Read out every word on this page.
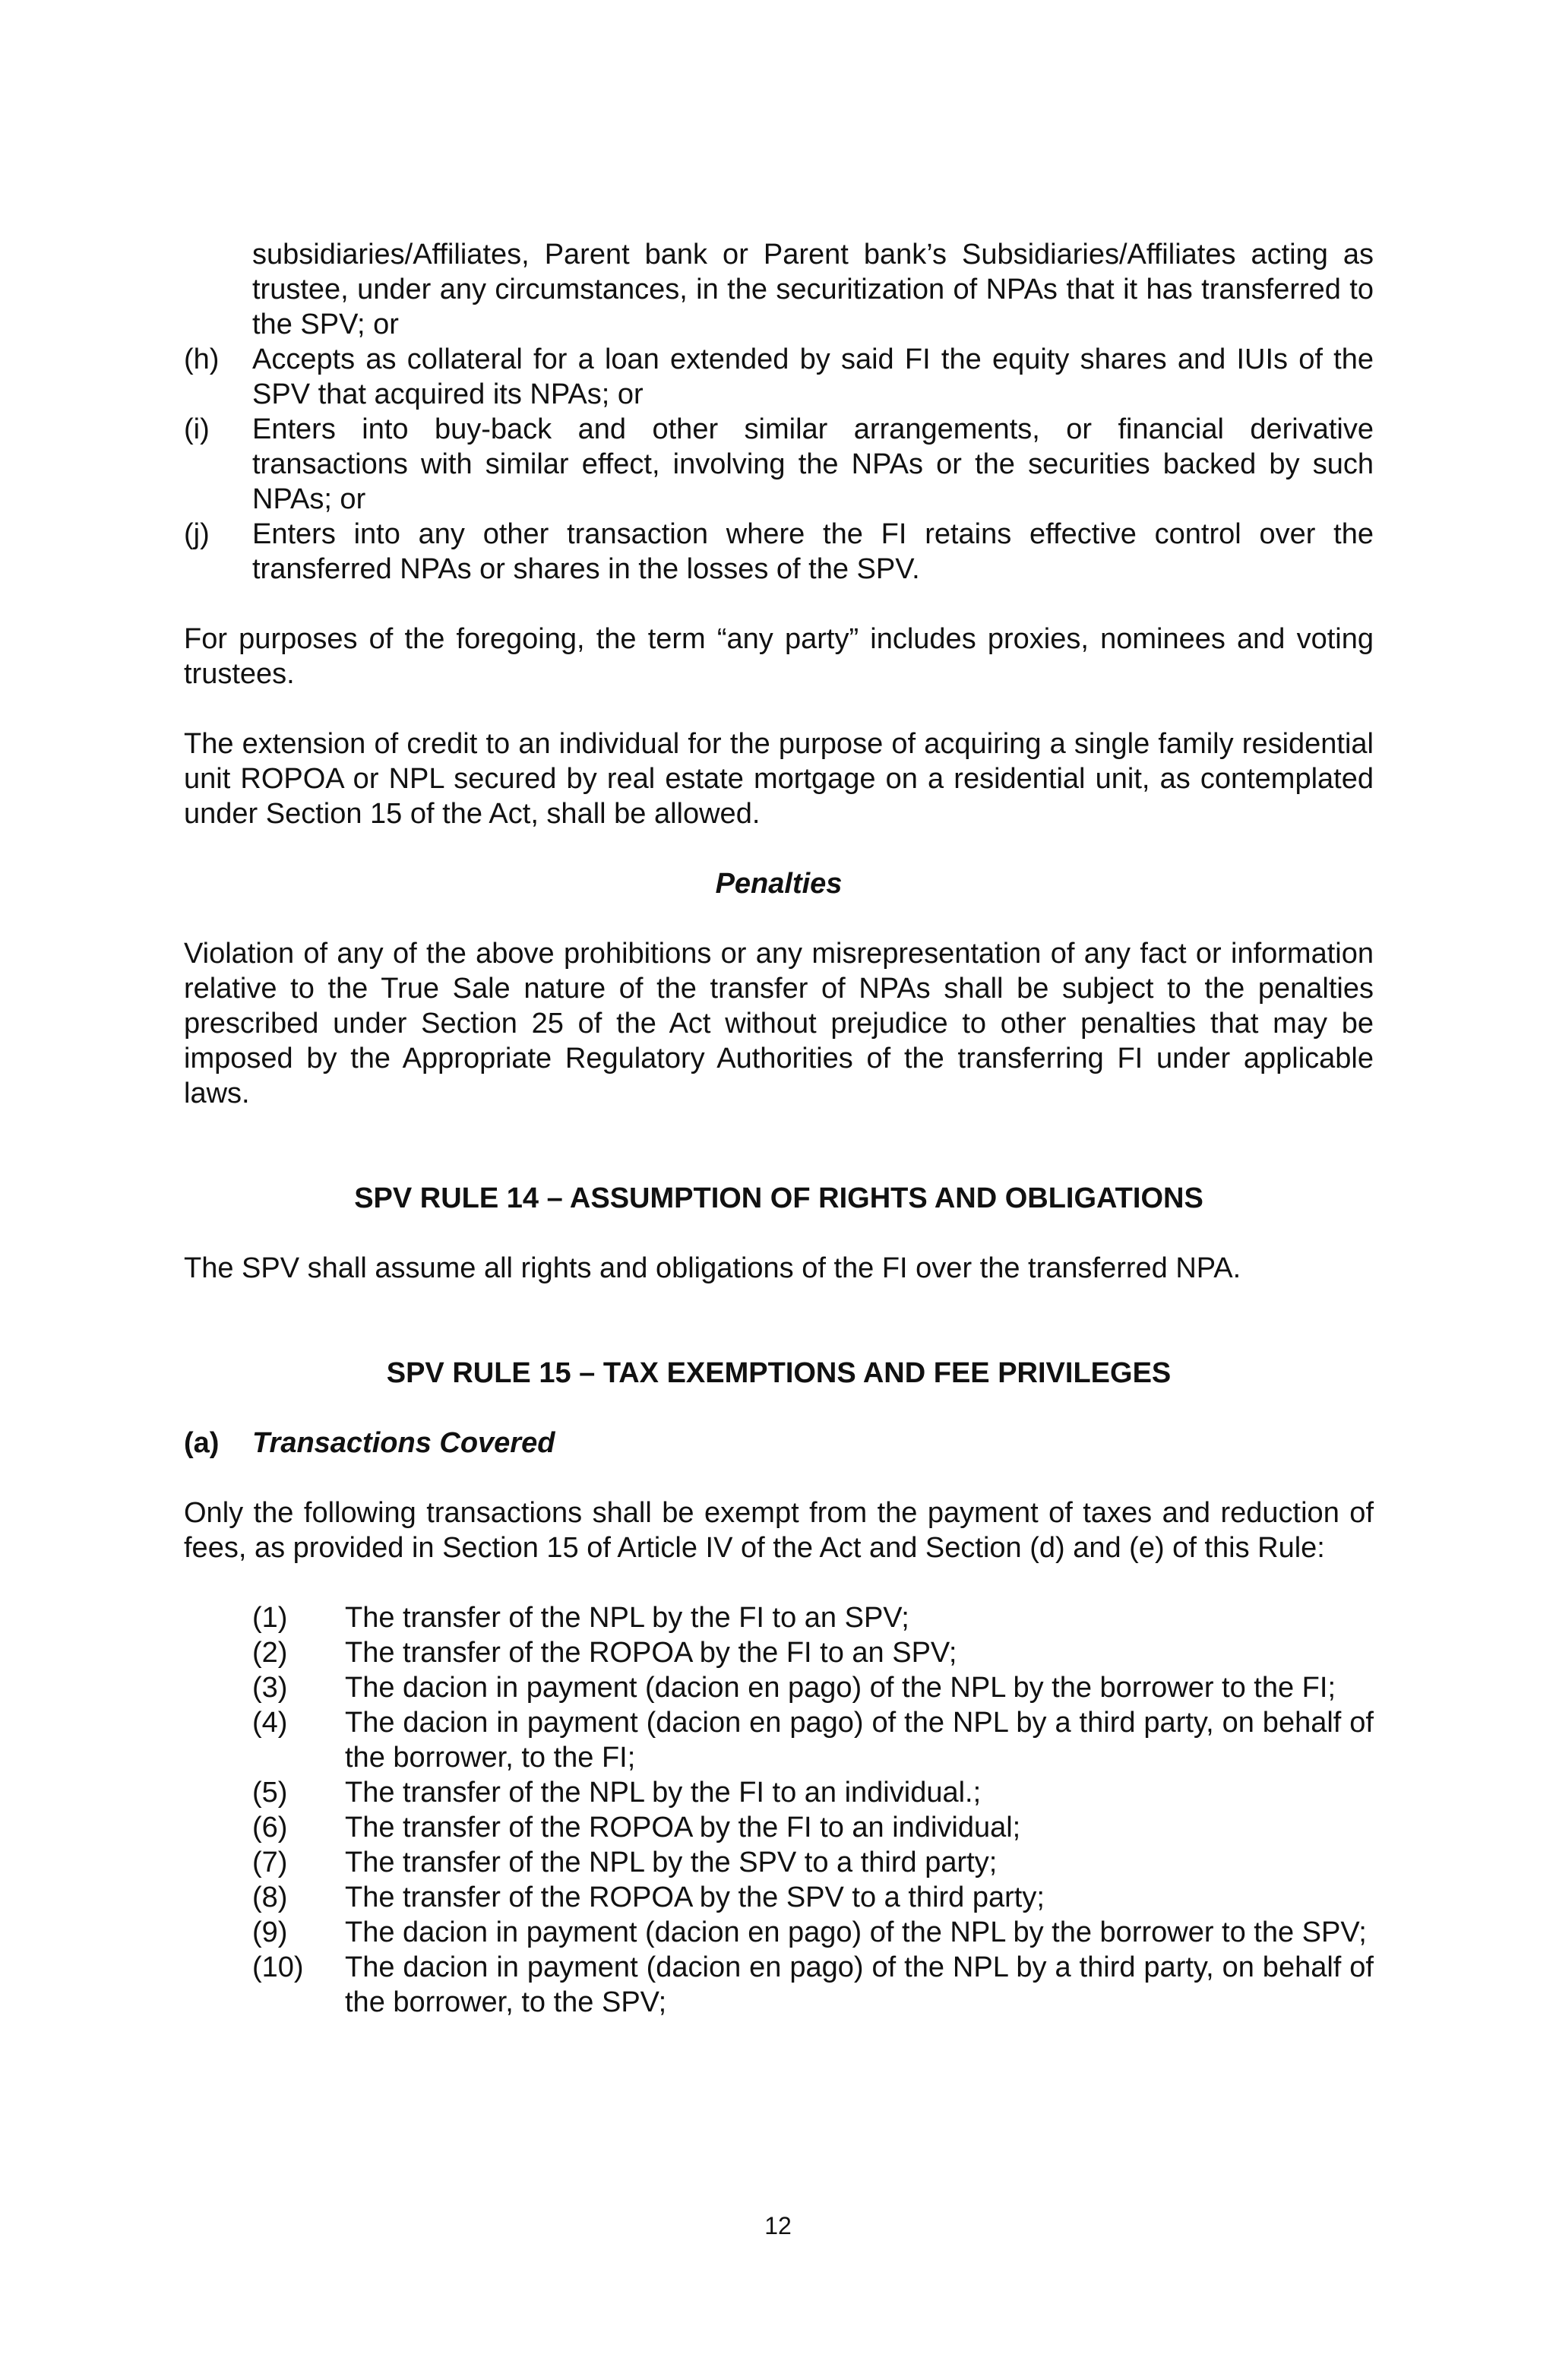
subsidiaries/Affiliates, Parent bank or Parent bank’s Subsidiaries/Affiliates acting as trustee, under any circumstances, in the securitization of NPAs that it has transferred to the SPV; or

(h)	Accepts as collateral for a loan extended by said FI the equity shares and IUIs of the SPV that acquired its NPAs; or
(i)	Enters into buy-back and other similar arrangements, or financial derivative transactions with similar effect, involving the NPAs or the securities backed by such NPAs; or
(j)	Enters into any other transaction where the FI retains effective control over the transferred NPAs or shares in the losses of the SPV.

For purposes of the foregoing, the term “any party” includes proxies, nominees and voting trustees.

The extension of credit to an individual for the purpose of acquiring a single family residential unit ROPOA or NPL secured by real estate mortgage on a residential unit, as contemplated under Section 15 of the Act, shall be allowed.

Penalties

Violation of any of the above prohibitions or any misrepresentation of any fact or information relative to the True Sale nature of the transfer of NPAs shall be subject to the penalties prescribed under Section 25 of the Act without prejudice to other penalties that may be imposed by the Appropriate Regulatory Authorities of the transferring FI under applicable laws.

SPV RULE 14 – ASSUMPTION OF RIGHTS AND OBLIGATIONS

The SPV shall assume all rights and obligations of the FI over the transferred NPA.

SPV RULE 15 – TAX EXEMPTIONS AND FEE PRIVILEGES

(a)	Transactions Covered

Only the following transactions shall be exempt from the payment of taxes and reduction of fees, as provided in Section 15 of Article IV of the Act and Section (d) and (e) of this Rule:

(1)	The transfer of the NPL by the FI to an SPV;
(2)	The transfer of the ROPOA by the FI to an SPV;
(3)	The dacion in payment (dacion en pago) of the NPL by the borrower to the FI;
(4)	The dacion in payment (dacion en pago) of the NPL by a third party, on behalf of the borrower, to the FI;
(5)	The transfer of the NPL by the FI to an individual.;
(6)	The transfer of the ROPOA by the FI to an individual;
(7)	The transfer of the NPL by the SPV to a third party;
(8)	The transfer of the ROPOA by the SPV to a third party;
(9)	The dacion in payment (dacion en pago) of the NPL by the borrower to the SPV;
(10)	The dacion in payment (dacion en pago) of the NPL by a third party, on behalf of the borrower, to the SPV;
12
